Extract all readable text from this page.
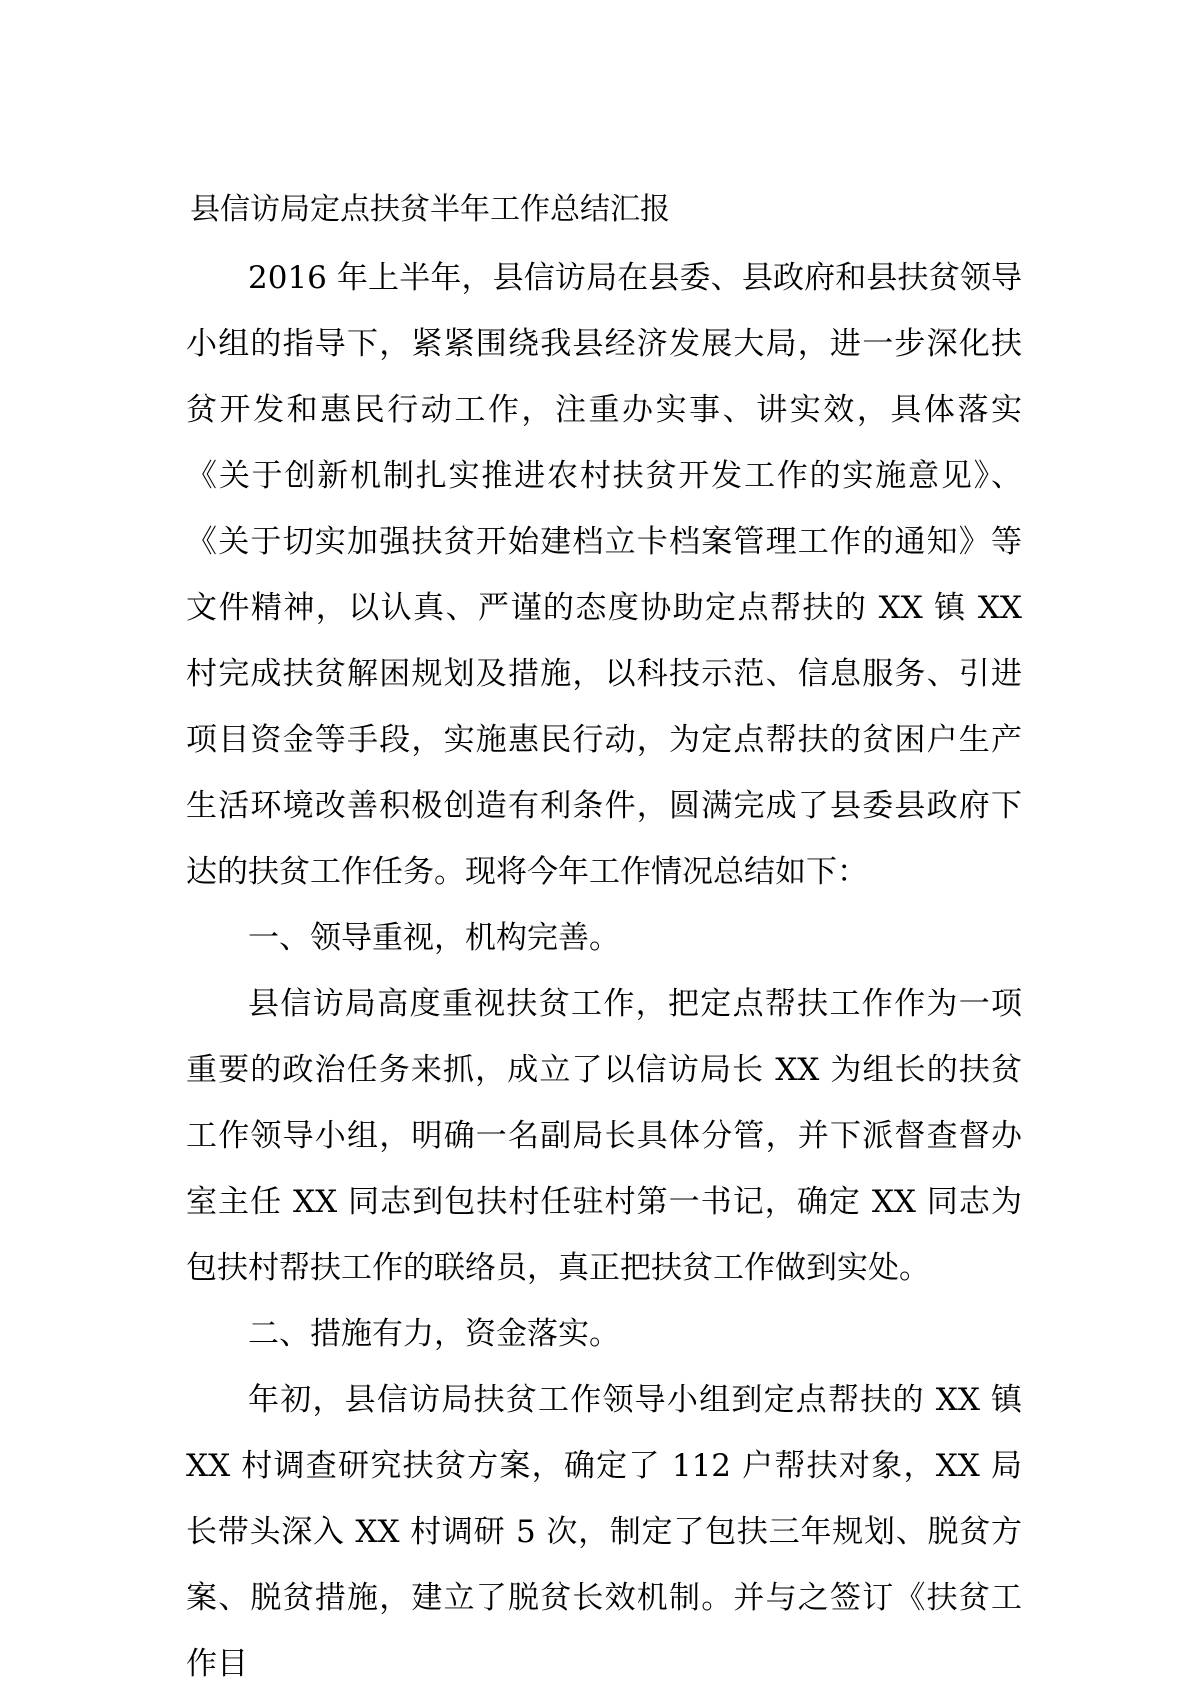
县信访局定点扶贫半年工作总结汇报

2016 年上半年，县信访局在县委、县政府和县扶贫领导小组的指导下，紧紧围绕我县经济发展大局，进一步深化扶贫开发和惠民行动工作，注重办实事、讲实效，具体落实《关于创新机制扎实推进农村扶贫开发工作的实施意见》、《关于切实加强扶贫开始建档立卡档案管理工作的通知》等文件精神，以认真、严谨的态度协助定点帮扶的 XX 镇 XX 村完成扶贫解困规划及措施，以科技示范、信息服务、引进项目资金等手段，实施惠民行动，为定点帮扶的贫困户生产生活环境改善积极创造有利条件，圆满完成了县委县政府下达的扶贫工作任务。现将今年工作情况总结如下：

一、领导重视，机构完善。

县信访局高度重视扶贫工作，把定点帮扶工作作为一项重要的政治任务来抓，成立了以信访局长 XX 为组长的扶贫工作领导小组，明确一名副局长具体分管，并下派督查督办室主任 XX 同志到包扶村任驻村第一书记，确定 XX 同志为包扶村帮扶工作的联络员，真正把扶贫工作做到实处。

二、措施有力，资金落实。

年初，县信访局扶贫工作领导小组到定点帮扶的 XX 镇 XX 村调查研究扶贫方案，确定了 112 户帮扶对象，XX 局长带头深入 XX 村调研 5 次，制定了包扶三年规划、脱贫方案、脱贫措施，建立了脱贫长效机制。并与之签订《扶贫工作目
